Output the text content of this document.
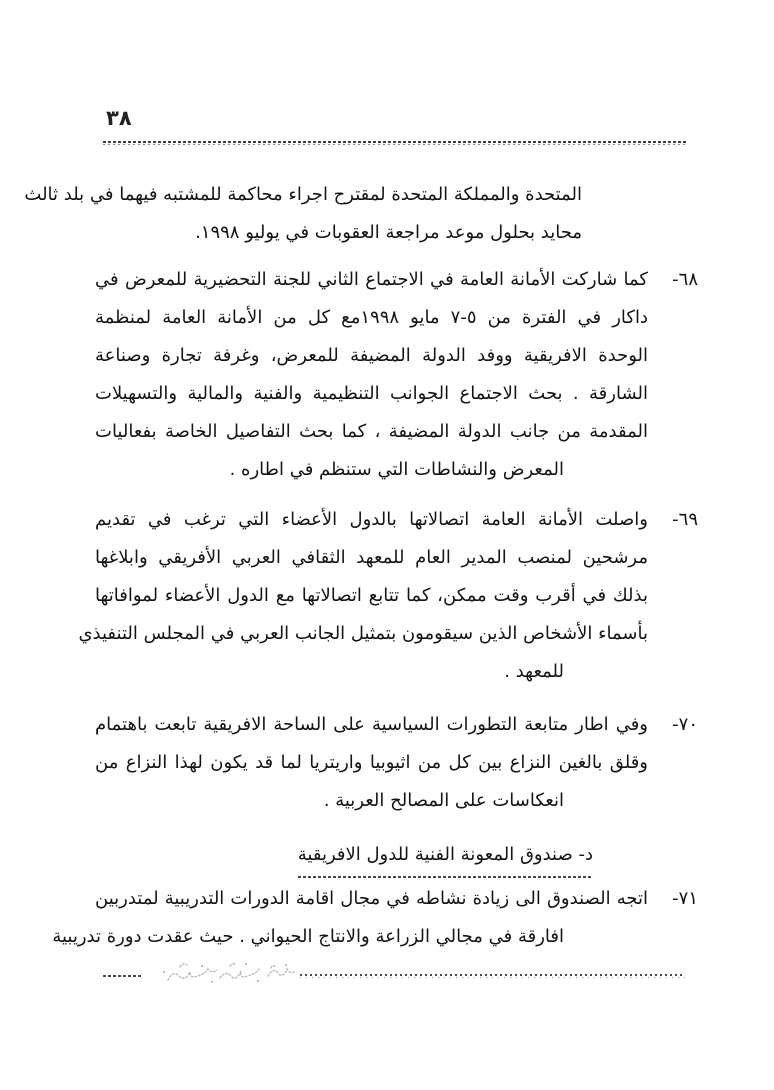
٣٨
المتحدة والمملكة المتحدة لمقترح اجراء محاكمة للمشتبه فيهما في بلد ثالث
محايد بحلول موعد مراجعة العقوبات في يوليو ١٩٩٨.
٦٨-
كما شاركت الأمانة العامة في الاجتماع الثاني للجنة التحضيرية للمعرض في
داكار في الفترة من ٥-٧ مايو ١٩٩٨مع كل من الأمانة العامة لمنظمة
الوحدة الافريقية ووفد الدولة المضيفة للمعرض، وغرفة تجارة وصناعة
الشارقة . بحث الاجتماع الجوانب التنظيمية والفنية والمالية والتسهيلات
المقدمة من جانب الدولة المضيفة ، كما بحث التفاصيل الخاصة بفعاليات
المعرض والنشاطات التي ستنظم في اطاره .
٦٩-
واصلت الأمانة العامة اتصالاتها بالدول الأعضاء التي ترغب في تقديم
مرشحين لمنصب المدير العام للمعهد الثقافي العربي الأفريقي وابلاغها
بذلك في أقرب وقت ممكن، كما تتابع اتصالاتها مع الدول الأعضاء لموافاتها
بأسماء الأشخاص الذين سيقومون بتمثيل الجانب العربي في المجلس التنفيذي
للمعهد .
٧٠-
وفي اطار متابعة التطورات السياسية على الساحة الافريقية تابعت باهتمام
وقلق بالغين النزاع بين كل من اثيوبيا واريتريا لما قد يكون لهذا النزاع من
انعكاسات على المصالح العربية .
د- صندوق المعونة الفنية للدول الافريقية
٧١-
اتجه الصندوق الى زيادة نشاطه في مجال اقامة الدورات التدريبية لمتدربين
افارقة في مجالي الزراعة والانتاج الحيواني . حيث عقدت دورة تدريبية
